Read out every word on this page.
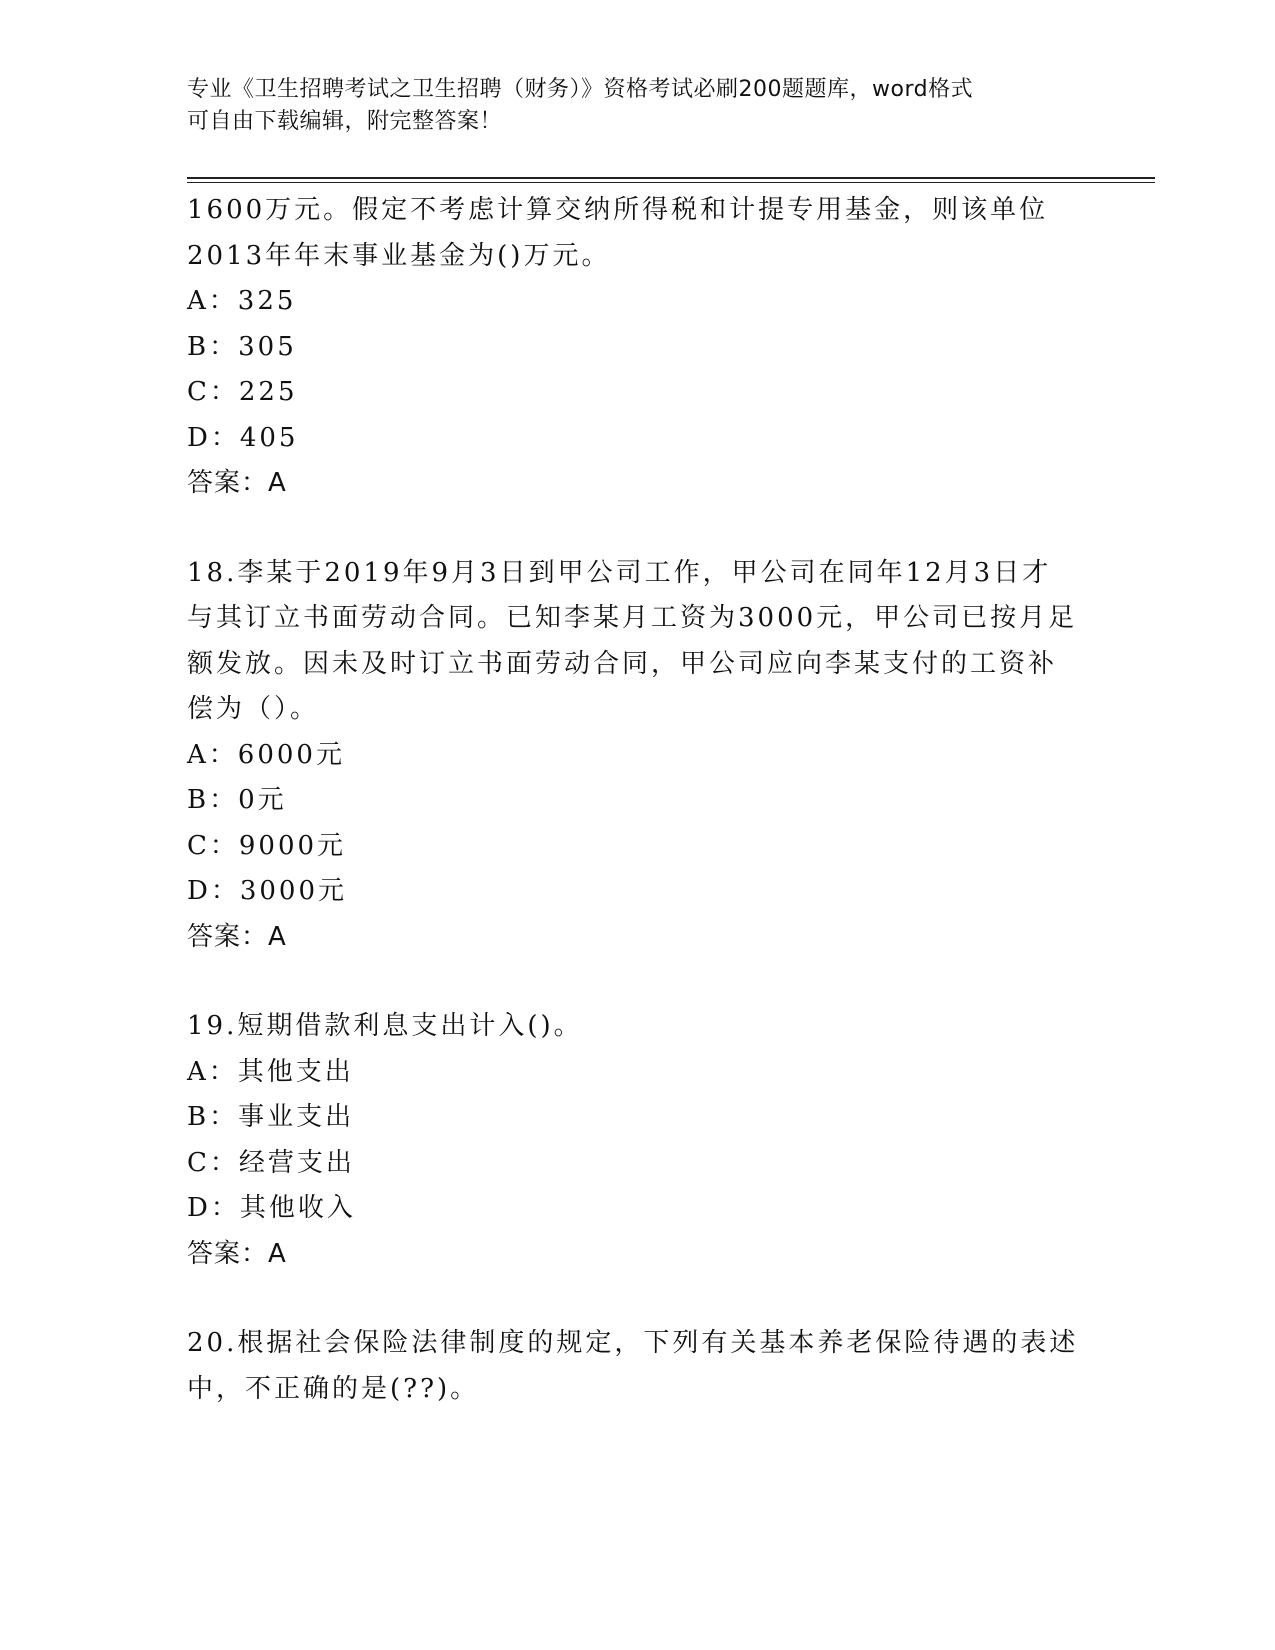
专业《卫生招聘考试之卫生招聘（财务）》资格考试必刷200题题库，word格式
可自由下载编辑，附完整答案！
1600万元。假定不考虑计算交纳所得税和计提专用基金，则该单位
2013年年末事业基金为()万元。
A：325
B：305
C：225
D：405
答案：A
18.李某于2019年9月3日到甲公司工作，甲公司在同年12月3日才
与其订立书面劳动合同。已知李某月工资为3000元，甲公司已按月足
额发放。因未及时订立书面劳动合同，甲公司应向李某支付的工资补
偿为（）。
A：6000元
B：0元
C：9000元
D：3000元
答案：A
19.短期借款利息支出计入()。
A：其他支出
B：事业支出
C：经营支出
D：其他收入
答案：A
20.根据社会保险法律制度的规定，下列有关基本养老保险待遇的表述
中，不正确的是(??)。
